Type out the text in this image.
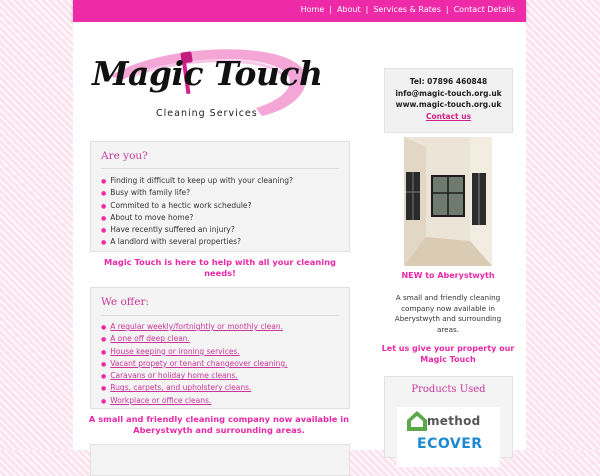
Home | About | Services & Rates | Contact Details
Magic Touch
Cleaning Services
Are you?
● Finding it difficult to keep up with your cleaning?
● Busy with family life?
● Commited to a hectic work schedule?
● About to move home?
● Have recently suffered an injury?
● A landlord with several properties?
Magic Touch is here to help with all your cleaning needs!
We offer:
● A regular weekly/fortnightly or monthly clean.
● A one off deep clean.
● House keeping or ironing services.
● Vacant propety or tenant changeover cleaning.
● Caravans or holiday home cleans.
● Rugs, carpets, and upholstery cleans.
● Workplace or office cleans.
A small and friendly cleaning company now available in Aberystwyth and surrounding areas.
Tel: 07896 460848
info@magic-touch.org.uk
www.magic-touch.org.uk
Contact us
NEW to Aberystwyth
A small and friendly cleaning company now available in Aberystwyth and surrounding areas.
Let us give your property our Magic Touch
Products Used
method
ECOVER
